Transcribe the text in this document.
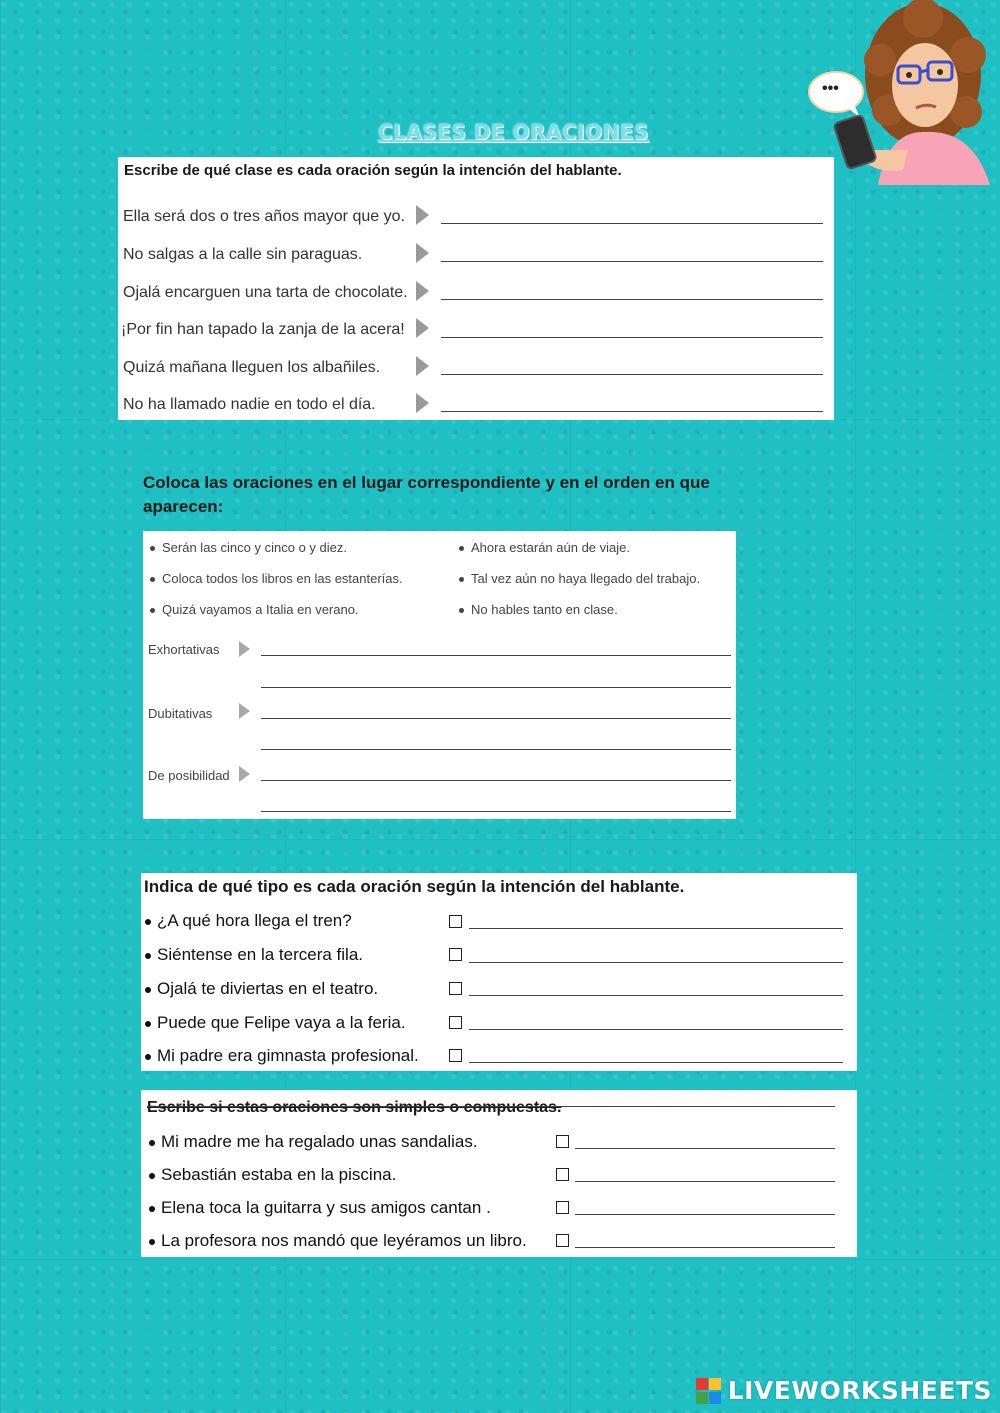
CLASES DE ORACIONES
•••
Escribe de qué clase es cada oración según la intención del hablante.
Ella será dos o tres años mayor que yo.
No salgas a la calle sin paraguas.
Ojalá encarguen una tarta de chocolate.
¡Por fin han tapado la zanja de la acera!
Quizá mañana lleguen los albañiles.
No ha llamado nadie en todo el día.
Coloca las oraciones en el lugar correspondiente y en el orden en que
aparecen:
Serán las cinco y cinco o y diez.
Coloca todos los libros en las estanterías.
Quizá vayamos a Italia en verano.
Ahora estarán aún de viaje.
Tal vez aún no haya llegado del trabajo.
No hables tanto en clase.
Exhortativas
Dubitativas
De posibilidad
Indica de qué tipo es cada oración según la intención del hablante.
¿A qué hora llega el tren?
Siéntense en la tercera fila.
Ojalá te diviertas en el teatro.
Puede que Felipe vaya a la feria.
Mi padre era gimnasta profesional.
Escribe si estas oraciones son simples o compuestas.
Mi madre me ha regalado unas sandalias.
Sebastián estaba en la piscina.
Elena toca la guitarra y sus amigos cantan .
La profesora nos mandó que leyéramos un libro.
LIVEWORKSHEETS
